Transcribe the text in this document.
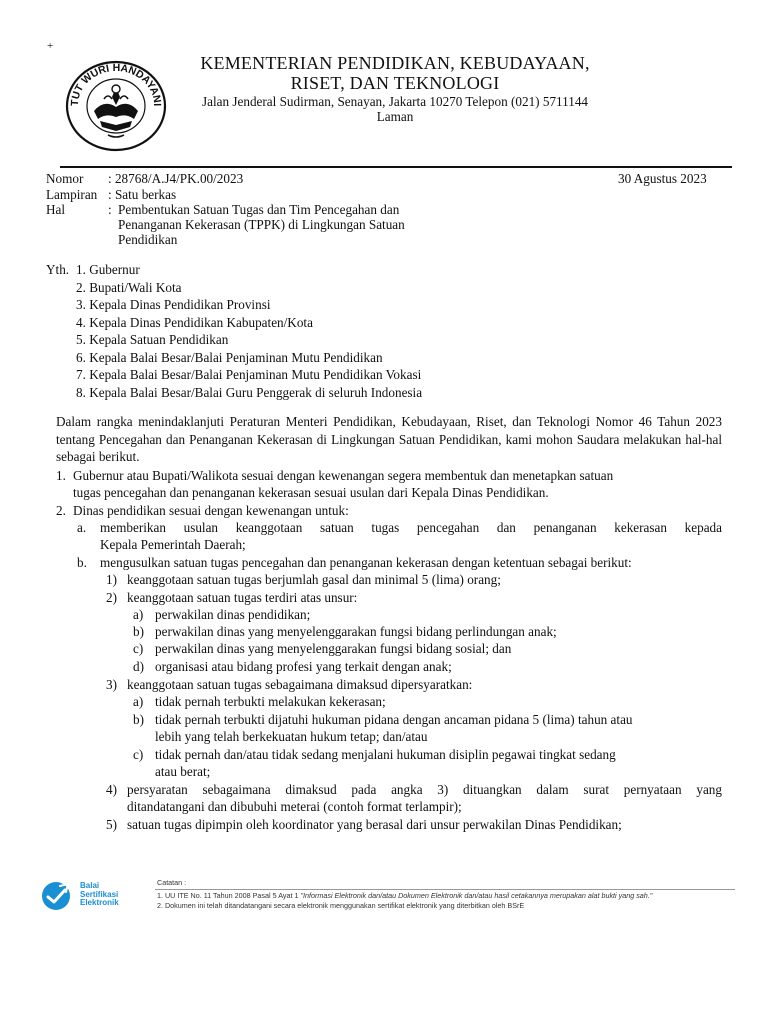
+
TUT WURI HANDAYANI
KEMENTERIAN PENDIDIKAN, KEBUDAYAAN,
RISET, DAN TEKNOLOGI
Jalan Jenderal Sudirman, Senayan, Jakarta 10270 Telepon (021) 5711144
Laman
Nomor : 28768/A.J4/PK.00/2023	30 Agustus 2023
Lampiran : Satu berkas
Hal	: Pembentukan Satuan Tugas dan Tim Pencegahan dan
Penanganan Kekerasan (TPPK) di Lingkungan Satuan
Pendidikan
Yth. 1. Gubernur
2. Bupati/Wali Kota
3. Kepala Dinas Pendidikan Provinsi
4. Kepala Dinas Pendidikan Kabupaten/Kota
5. Kepala Satuan Pendidikan
6. Kepala Balai Besar/Balai Penjaminan Mutu Pendidikan
7. Kepala Balai Besar/Balai Penjaminan Mutu Pendidikan Vokasi
8. Kepala Balai Besar/Balai Guru Penggerak di seluruh Indonesia
Dalam rangka menindaklanjuti Peraturan Menteri Pendidikan, Kebudayaan, Riset, dan Teknologi Nomor 46 Tahun 2023 tentang Pencegahan dan Penanganan Kekerasan di Lingkungan Satuan Pendidikan, kami mohon Saudara melakukan hal-hal sebagai berikut.
1. Gubernur atau Bupati/Walikota sesuai dengan kewenangan segera membentuk dan menetapkan satuan
tugas pencegahan dan penanganan kekerasan sesuai usulan dari Kepala Dinas Pendidikan.
2. Dinas pendidikan sesuai dengan kewenangan untuk:
a. memberikan usulan keanggotaan satuan tugas pencegahan dan penanganan kekerasan kepada
Kepala Pemerintah Daerah;
b. mengusulkan satuan tugas pencegahan dan penanganan kekerasan dengan ketentuan sebagai berikut:
1) keanggotaan satuan tugas berjumlah gasal dan minimal 5 (lima) orang;
2) keanggotaan satuan tugas terdiri atas unsur:
a) perwakilan dinas pendidikan;
b) perwakilan dinas yang menyelenggarakan fungsi bidang perlindungan anak;
c) perwakilan dinas yang menyelenggarakan fungsi bidang sosial; dan
d) organisasi atau bidang profesi yang terkait dengan anak;
3) keanggotaan satuan tugas sebagaimana dimaksud dipersyaratkan:
a) tidak pernah terbukti melakukan kekerasan;
b) tidak pernah terbukti dijatuhi hukuman pidana dengan ancaman pidana 5 (lima) tahun atau
lebih yang telah berkekuatan hukum tetap; dan/atau
c) tidak pernah dan/atau tidak sedang menjalani hukuman disiplin pegawai tingkat sedang
atau berat;
4) persyaratan sebagaimana dimaksud pada angka 3) dituangkan dalam surat pernyataan yang
ditandatangani dan dibubuhi meterai (contoh format terlampir);
5) satuan tugas dipimpin oleh koordinator yang berasal dari unsur perwakilan Dinas Pendidikan;
Balai
Sertifikasi
Elektronik
Catatan :
1. UU ITE No. 11 Tahun 2008 Pasal 5 Ayat 1 "Informasi Elektronik dan/atau Dokumen Elektronik dan/atau hasil cetakannya merupakan alat bukti yang sah."
2. Dokumen ini telah ditandatangani secara elektronik menggunakan sertifikat elektronik yang diterbitkan oleh BSrE
